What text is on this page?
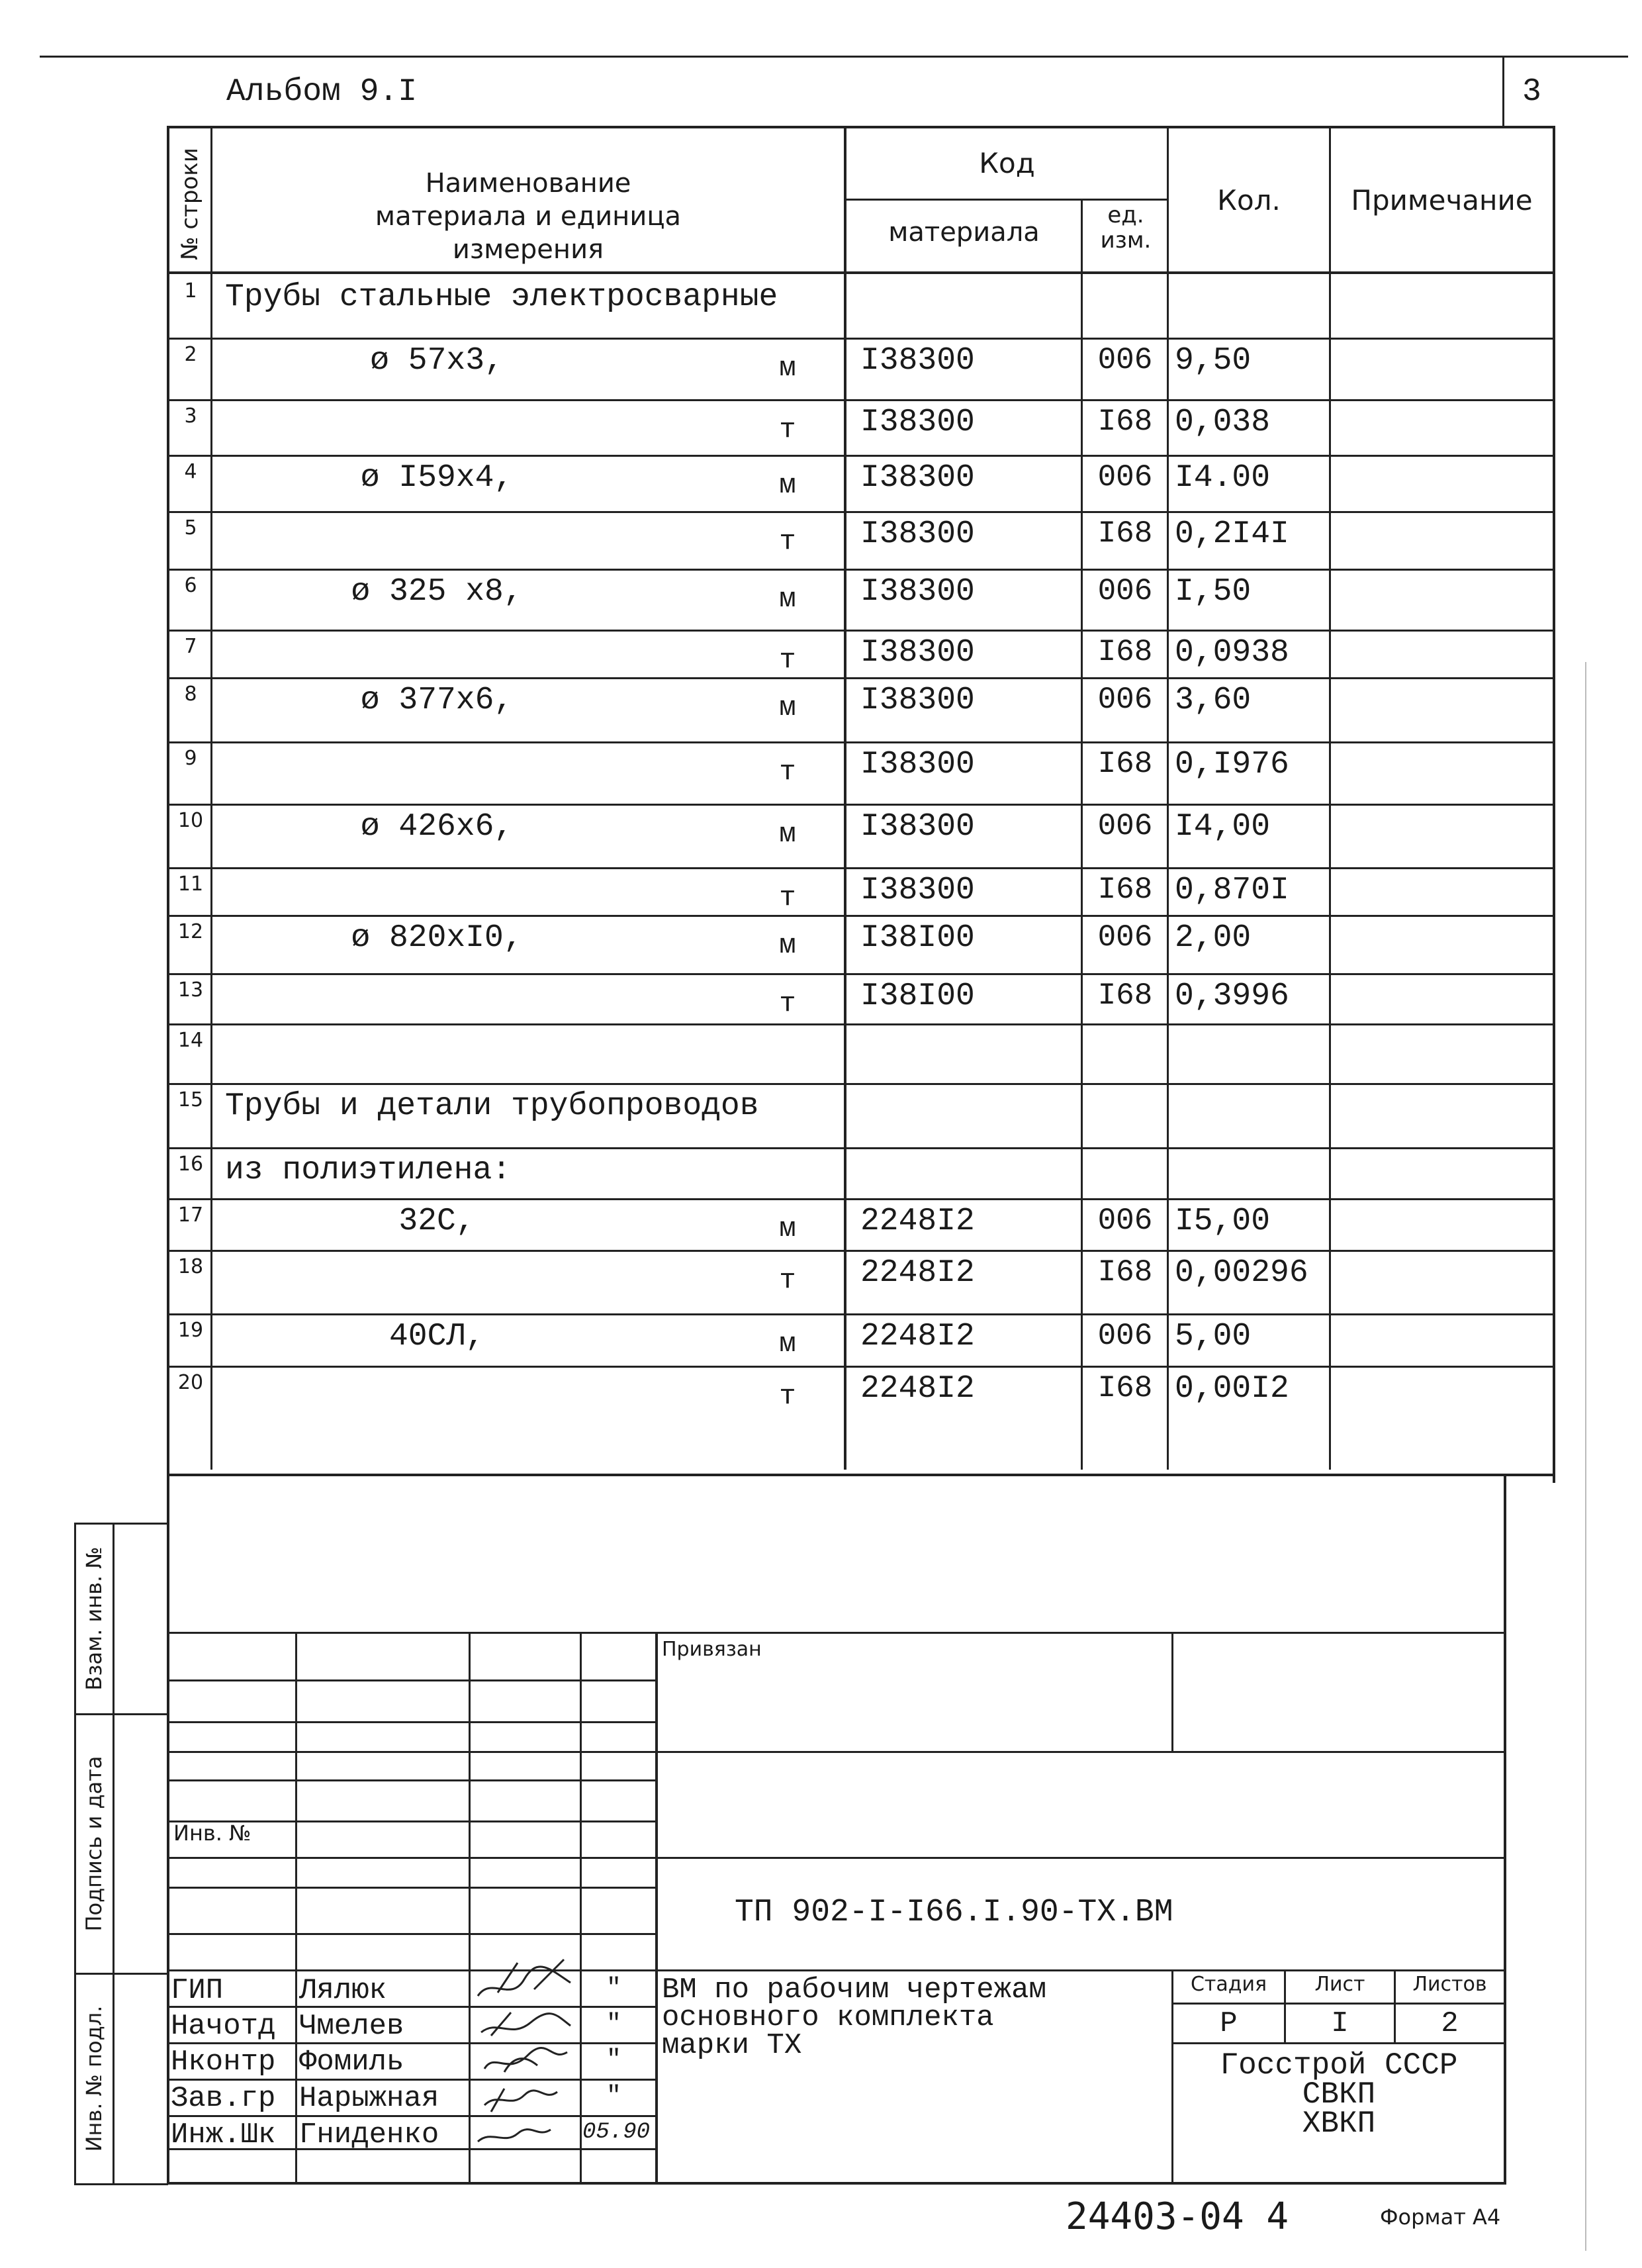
Альбом 9.I	3
№ строки	Наименование материала и единица измерения
Код
материала
ед. изм.
Кол.	Примечание
1 Трубы стальные электросварные
2	ø 57x3,	м	I38300	006 9,50
3	т	I38300	I68 0,038
4	ø I59x4,	м	I38300	006 I4.00
5	т	I38300	I68 0,2I4I
6	ø 325 x8,	м	I38300	006 I,50
7	т	I38300	I68 0,0938
8	ø 377x6,	м	I38300	006 3,60
9	т	I38300	I68 0,I976
10	ø 426x6,	м	I38300	006 I4,00
11	т	I38300	I68 0,870I
12	ø 820xI0,	м	I38I00	006 2,00
13	т	I38I00	I68 0,3996
14
15 Трубы и детали трубопроводов
16 из полиэтилена:
17	32С,	м	2248I2	006 I5,00
18	т	2248I2	I68 0,00296
19	40СЛ,	м	2248I2	006 5,00
20	т	2248I2	I68 0,00I2
Взам. инв. №
Подпись и дата
Инв. № подл.
Привязан
Инв. №
ТП 902-I-I66.I.90-ТХ.ВМ
ВМ по рабочим чертежам
основного комплекта
марки ТХ
Стадия	Лист	Листов
Р	I	2
Госстрой СССР
СВКП
ХВКП
ГИП	Лялюк	"
Начотд Чмелев	"
Нконтр Фомиль	"
Зав.гр Нарыжная	"
Инж.Шк Гниденко	05.90
24403-04 4	Формат А4
